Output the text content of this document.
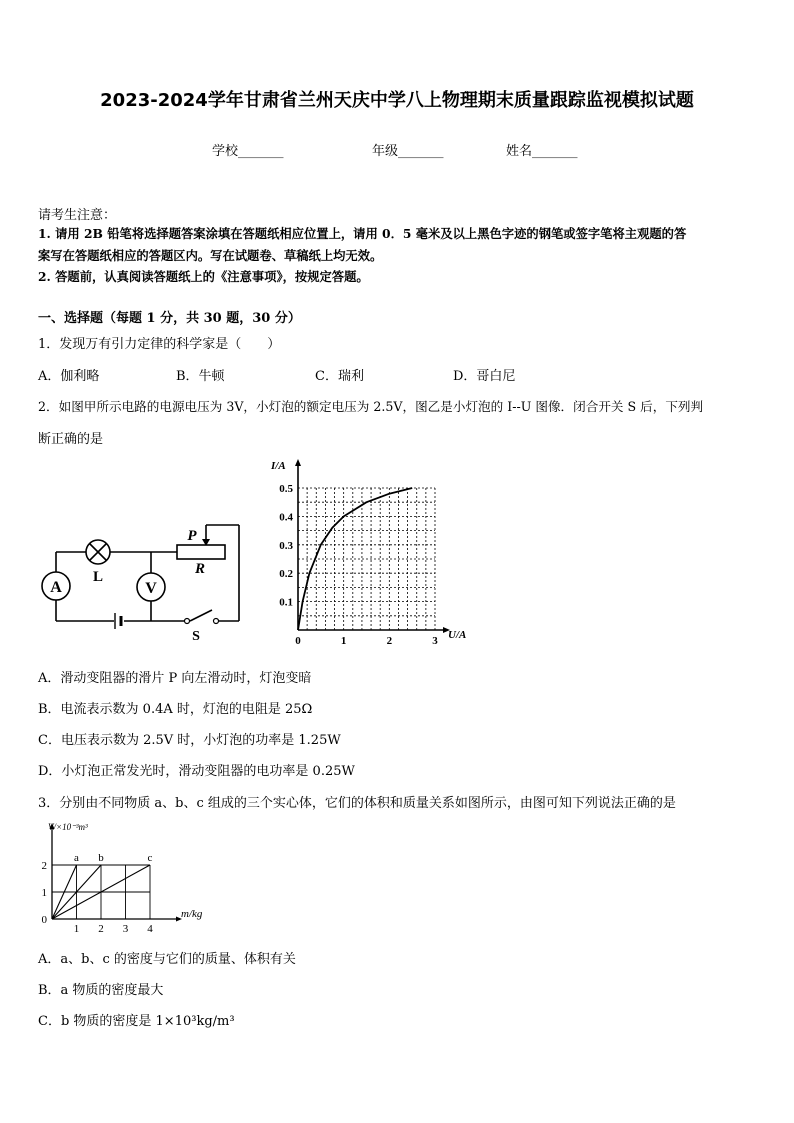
2023-2024学年甘肃省兰州天庆中学八上物理期末质量跟踪监视模拟试题
学校_______	年级_______	姓名_______
请考生注意：
1. 请用 2B 铅笔将选择题答案涂填在答题纸相应位置上，请用 0．5 毫米及以上黑色字迹的钢笔或签字笔将主观题的答
案写在答题纸相应的答题区内。写在试题卷、草稿纸上均无效。
2. 答题前，认真阅读答题纸上的《注意事项》，按规定答题。
一、选择题（每题 1 分，共 30 题，30 分）
1．发现万有引力定律的科学家是（　　）
A．伽利略	B．牛顿	C．瑞利	D．哥白尼
2．如图甲所示电路的电源电压为 3V，小灯泡的额定电压为 2.5V，图乙是小灯泡的 I--U 图像．闭合开关 S 后，下列判
断正确的是
A	V
L
P
R
S
I/A
U/A
0.1
0.2
0.3
0.4
0.5
0	1	2	3
A．滑动变阻器的滑片 P 向左滑动时，灯泡变暗
B．电流表示数为 0.4A 时，灯泡的电阻是 25Ω
C．电压表示数为 2.5V 时，小灯泡的功率是 1.25W
D．小灯泡正常发光时，滑动变阻器的电功率是 0.25W
3．分别由不同物质 a、b、c 组成的三个实心体，它们的体积和质量关系如图所示，由图可知下列说法正确的是
V/×10⁻³m³
m/kg
0
1
2
1 2 3 4
a b	c
A．a、b、c 的密度与它们的质量、体积有关
B．a 物质的密度最大
C．b 物质的密度是 1×10³kg/m³
